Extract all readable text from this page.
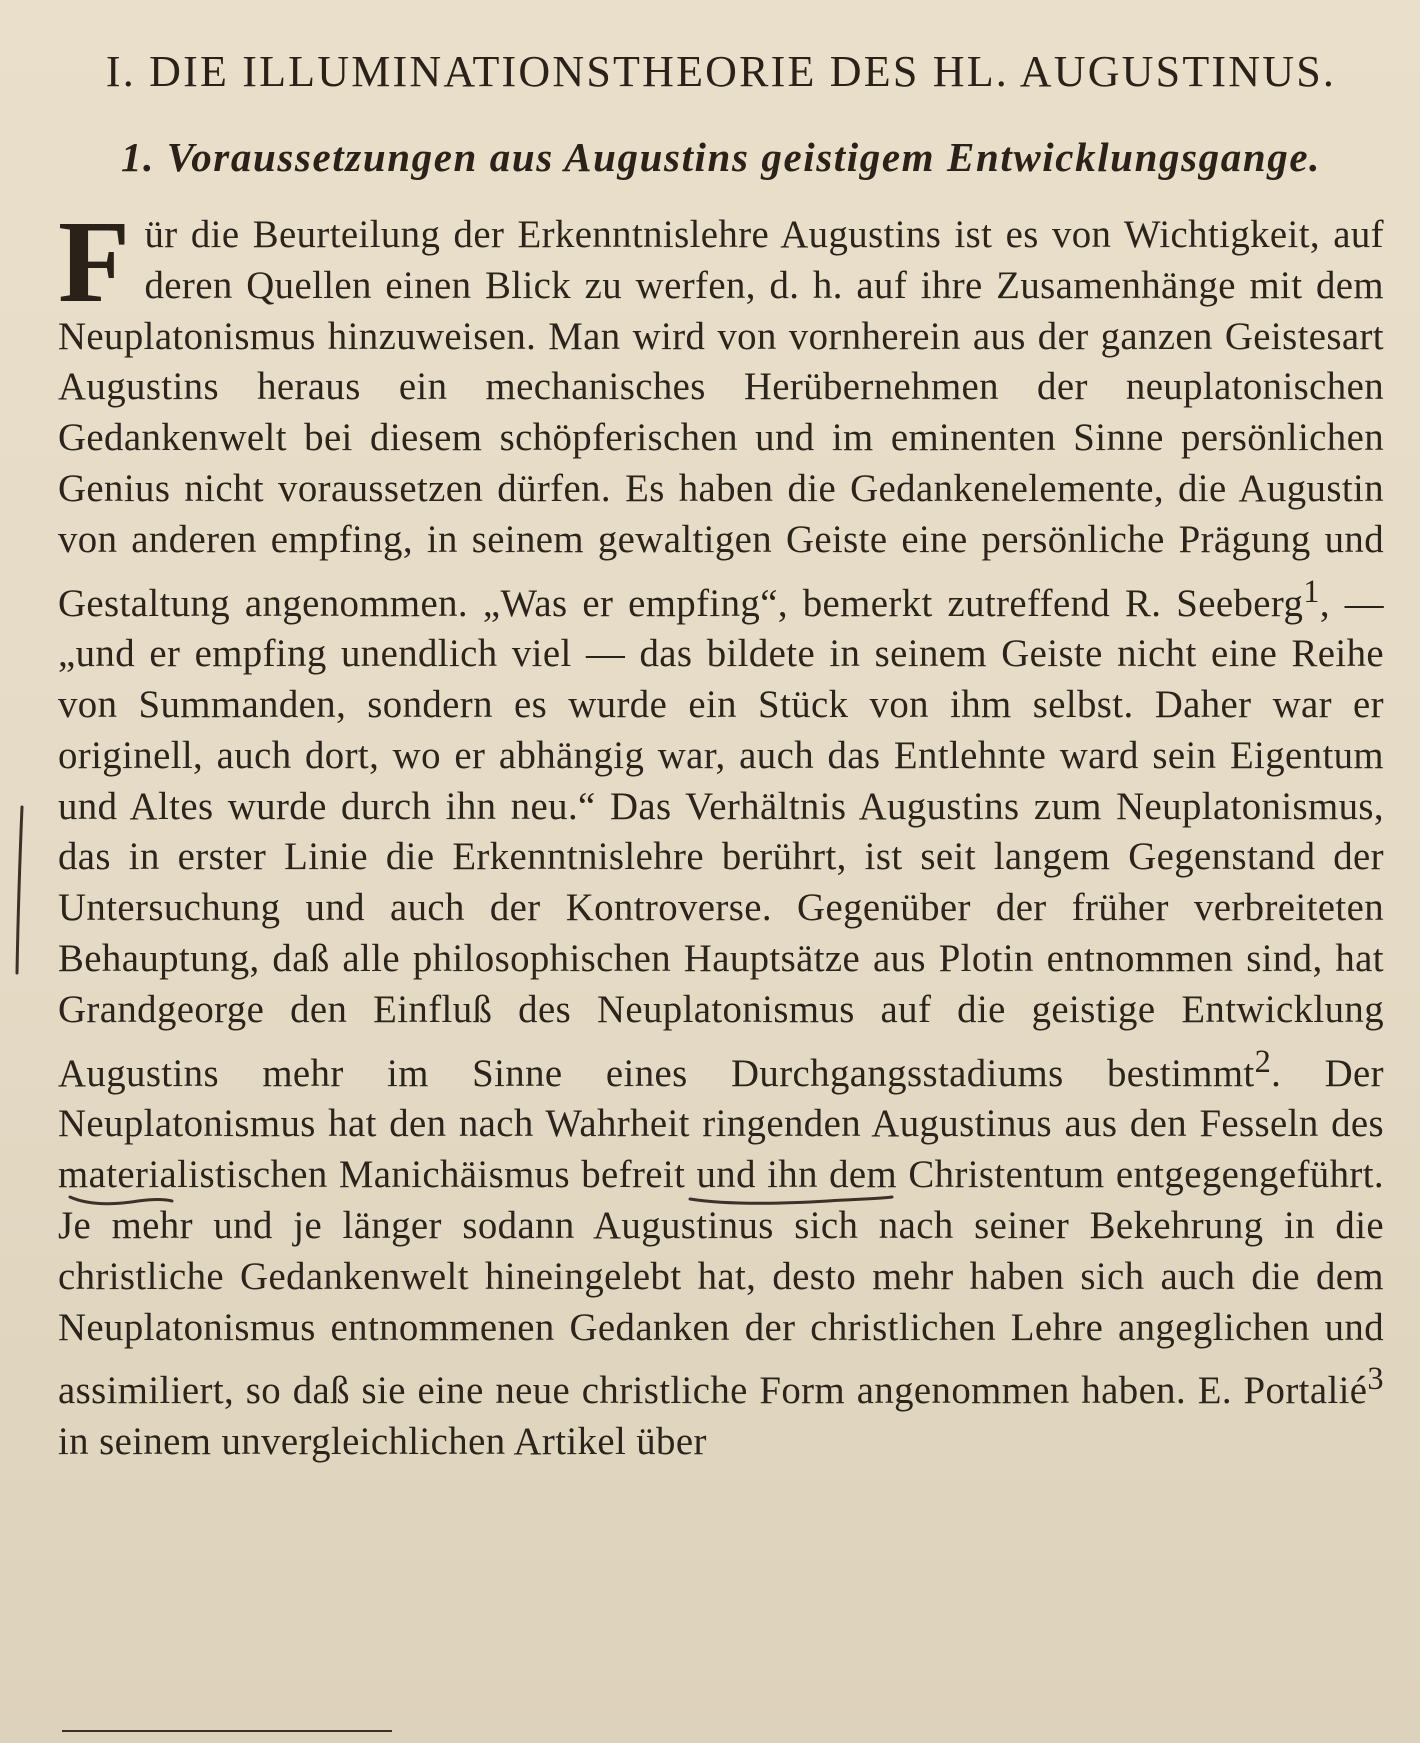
I. DIE ILLUMINATIONSTHEORIE DES HL. AUGUSTINUS.
1. Voraussetzungen aus Augustins geistigem Entwicklungsgange.

Für die Beurteilung der Erkenntnislehre Augustins ist es von Wichtigkeit, auf deren Quellen einen Blick zu werfen, d. h. auf ihre Zusamenhänge mit dem Neuplatonismus hinzuweisen. Man wird von vornherein aus der ganzen Geistesart Augustins heraus ein mechanisches Herübernehmen der neuplatonischen Gedankenwelt bei diesem schöpferischen und im eminenten Sinne persönlichen Genius nicht voraussetzen dürfen. Es haben die Gedankenelemente, die Augustin von anderen empfing, in seinem gewaltigen Geiste eine persönliche Prägung und Gestaltung angenommen. „Was er empfing“, bemerkt zutreffend R. Seeberg$^1$, — „und er empfing unendlich viel — das bildete in seinem Geiste nicht eine Reihe von Summanden, sondern es wurde ein Stück von ihm selbst. Daher war er originell, auch dort, wo er abhängig war, auch das Entlehnte ward sein Eigentum und Altes wurde durch ihn neu.“ Das Verhältnis Augustins zum Neuplatonismus, das in erster Linie die Erkenntnislehre berührt, ist seit langem Gegenstand der Untersuchung und auch der Kontroverse. Gegenüber der früher verbreiteten Behauptung, daß alle philosophischen Hauptsätze aus Plotin entnommen sind, hat Grandgeorge den Einfluß des Neuplatonismus auf die geistige Entwicklung Augustins mehr im Sinne eines Durchgangsstadiums bestimmt$^2$. Der Neuplatonismus hat den nach Wahrheit ringenden Augustinus aus den Fesseln des materialistischen Manichäismus befreit und ihn dem Christentum entgegengeführt. Je mehr und je länger sodann Augustinus sich nach seiner Bekehrung in die christliche Gedankenwelt hineingelebt hat, desto mehr haben sich auch die dem Neuplatonismus entnommenen Gedanken der christlichen Lehre angeglichen und assimiliert, so daß sie eine neue christliche Form angenommen haben. E. Portalié$^3$ in seinem unvergleichlichen Artikel über
